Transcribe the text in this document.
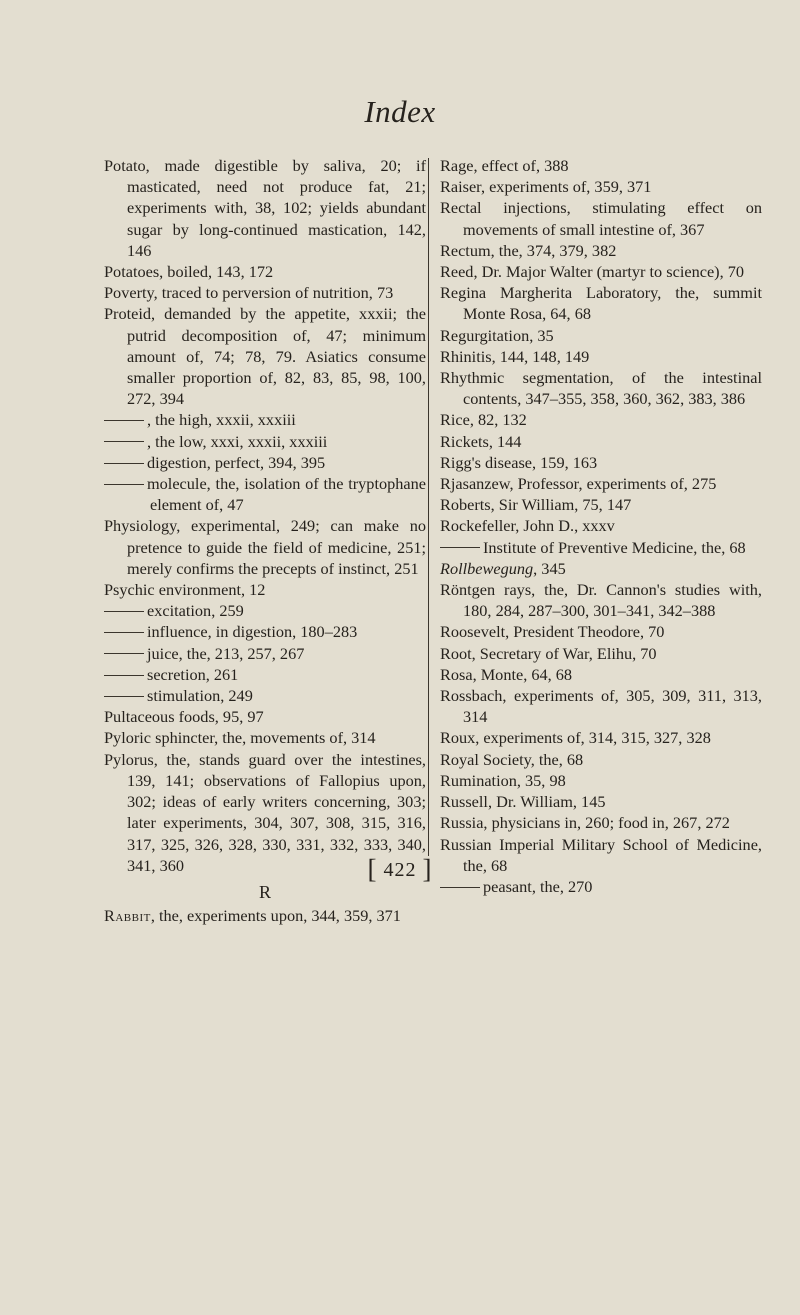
Index

Potato, made digestible by saliva, 20; if masticated, need not produce fat, 21; experiments with, 38, 102; yields abundant sugar by long-continued mastication, 142, 146

Potatoes, boiled, 143, 172

Poverty, traced to perversion of nutrition, 73

Proteid, demanded by the appetite, xxxii; the putrid decomposition of, 47; minimum amount of, 74; 78, 79. Asiatics consume smaller proportion of, 82, 83, 85, 98, 100, 272, 394

, the high, xxxii, xxxiii

, the low, xxxi, xxxii, xxxiii

digestion, perfect, 394, 395

molecule, the, isolation of the tryptophane element of, 47

Physiology, experimental, 249; can make no pretence to guide the field of medicine, 251; merely confirms the precepts of instinct, 251

Psychic environment, 12

excitation, 259

influence, in digestion, 180–283

juice, the, 213, 257, 267

secretion, 261

stimulation, 249

Pultaceous foods, 95, 97

Pyloric sphincter, the, movements of, 314

Pylorus, the, stands guard over the intestines, 139, 141; observations of Fallopius upon, 302; ideas of early writers concerning, 303; later experiments, 304, 307, 308, 315, 316, 317, 325, 326, 328, 330, 331, 332, 333, 340, 341, 360

R

Rabbit, the, experiments upon, 344, 359, 371

Rage, effect of, 388

Raiser, experiments of, 359, 371

Rectal injections, stimulating effect on movements of small intestine of, 367

Rectum, the, 374, 379, 382

Reed, Dr. Major Walter (martyr to science), 70

Regina Margherita Laboratory, the, summit Monte Rosa, 64, 68

Regurgitation, 35

Rhinitis, 144, 148, 149

Rhythmic segmentation, of the intestinal contents, 347–355, 358, 360, 362, 383, 386

Rice, 82, 132

Rickets, 144

Rigg's disease, 159, 163

Rjasanzew, Professor, experiments of, 275

Roberts, Sir William, 75, 147

Rockefeller, John D., xxxv

Institute of Preventive Medicine, the, 68

Rollbewegung, 345

Röntgen rays, the, Dr. Cannon's studies with, 180, 284, 287–300, 301–341, 342–388

Roosevelt, President Theodore, 70

Root, Secretary of War, Elihu, 70

Rosa, Monte, 64, 68

Rossbach, experiments of, 305, 309, 311, 313, 314

Roux, experiments of, 314, 315, 327, 328

Royal Society, the, 68

Rumination, 35, 98

Russell, Dr. William, 145

Russia, physicians in, 260; food in, 267, 272

Russian Imperial Military School of Medicine, the, 68

peasant, the, 270

[ 422 ]
